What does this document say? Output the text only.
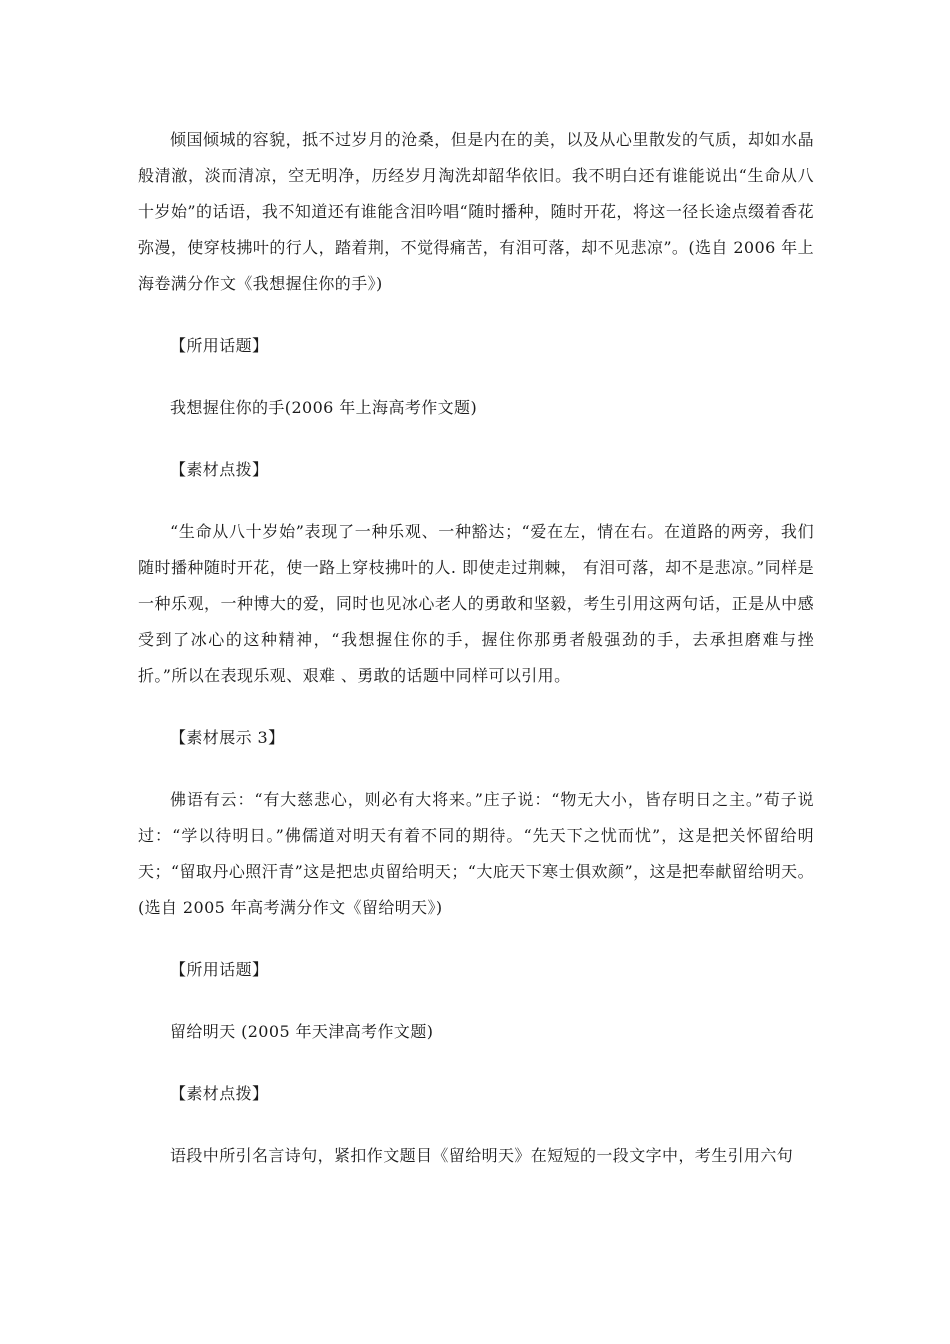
倾国倾城的容貌，抵不过岁月的沧桑，但是内在的美，以及从心里散发的气质，却如水晶般清澈，淡而清凉，空无明净，历经岁月淘洗却韶华依旧。我不明白还有谁能说出“生命从八十岁始”的话语，我不知道还有谁能含泪吟唱“随时播种，随时开花，将这一径长途点缀着香花弥漫，使穿枝拂叶的行人，踏着荆，不觉得痛苦，有泪可落，却不见悲凉”。(选自 2006 年上海卷满分作文《我想握住你的手》)

【所用话题】

我想握住你的手(2006 年上海高考作文题)

【素材点拨】

“生命从八十岁始”表现了一种乐观、一种豁达；“爱在左，情在右。在道路的两旁，我们随时播种随时开花，使一路上穿枝拂叶的人. 即使走过荆棘， 有泪可落，却不是悲凉。”同样是一种乐观，一种博大的爱，同时也见冰心老人的勇敢和坚毅，考生引用这两句话，正是从中感受到了冰心的这种精神，“我想握住你的手，握住你那勇者般强劲的手，去承担磨难与挫折。”所以在表现乐观、艰难 、勇敢的话题中同样可以引用。

【素材展示 3】

佛语有云：“有大慈悲心，则必有大将来。”庄子说：“物无大小，皆存明日之主。”荀子说过：“学以待明日。”佛儒道对明天有着不同的期待。“先天下之忧而忧”，这是把关怀留给明天；“留取丹心照汗青”这是把忠贞留给明天；“大庇天下寒士俱欢颜”，这是把奉献留给明天。(选自 2005 年高考满分作文《留给明天》)

【所用话题】

留给明天 (2005 年天津高考作文题)

【素材点拨】

语段中所引名言诗句，紧扣作文题目《留给明天》在短短的一段文字中，考生引用六句
